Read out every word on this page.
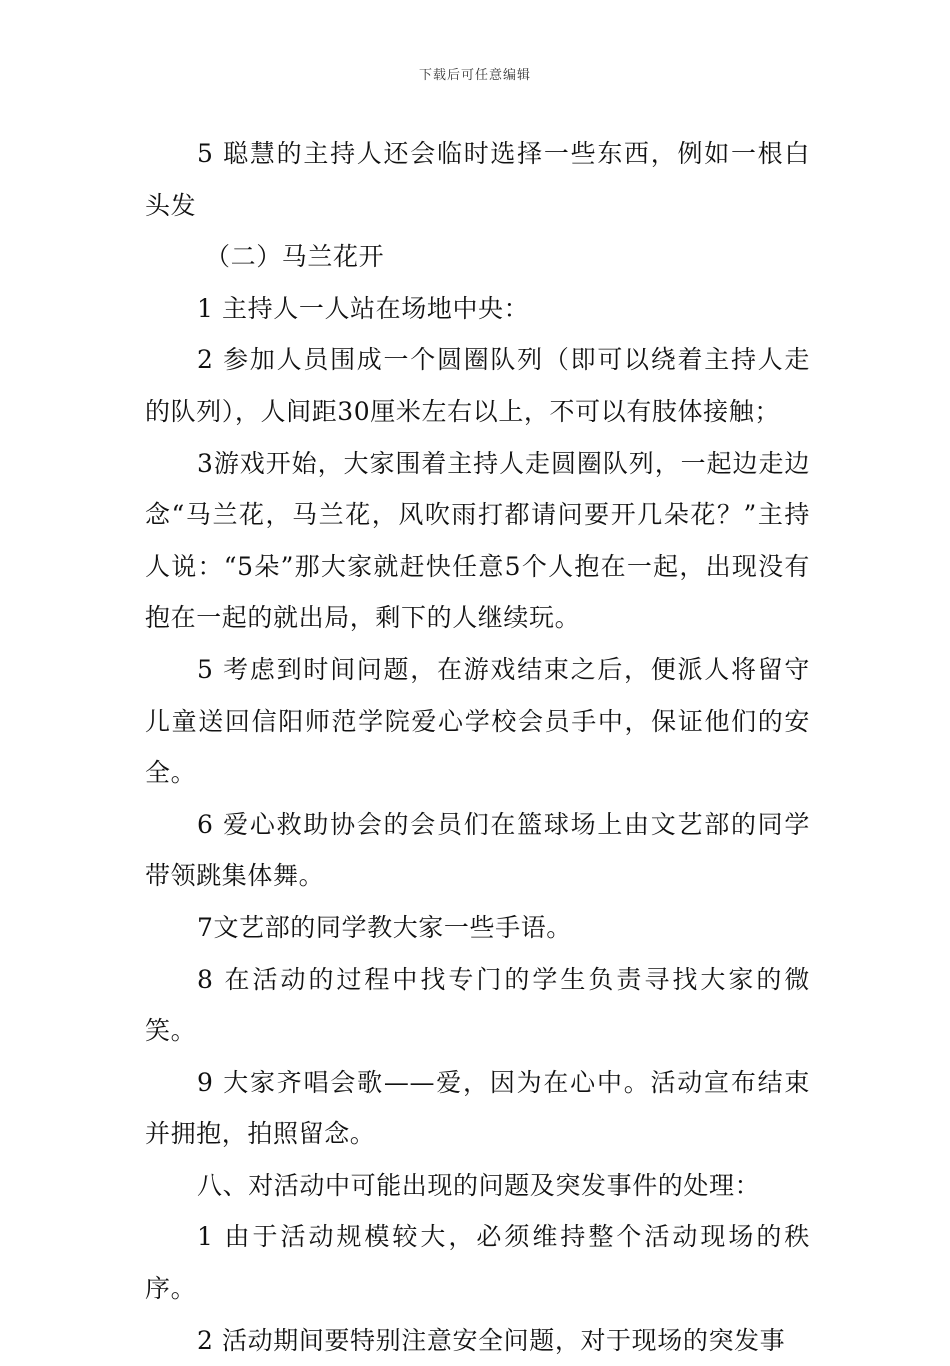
下载后可任意编辑

5 聪慧的主持人还会临时选择一些东西，例如一根白头发

（二）马兰花开

1 主持人一人站在场地中央：

2 参加人员围成一个圆圈队列（即可以绕着主持人走的队列），人间距30厘米左右以上，不可以有肢体接触；

3游戏开始，大家围着主持人走圆圈队列，一起边走边念“马兰花，马兰花，风吹雨打都请问要开几朵花？”主持人说：“5朵”那大家就赶快任意5个人抱在一起，出现没有抱在一起的就出局，剩下的人继续玩。

5 考虑到时间问题，在游戏结束之后，便派人将留守儿童送回信阳师范学院爱心学校会员手中，保证他们的安全。

6 爱心救助协会的会员们在篮球场上由文艺部的同学带领跳集体舞。

7文艺部的同学教大家一些手语。

8 在活动的过程中找专门的学生负责寻找大家的微笑。

9 大家齐唱会歌——爱，因为在心中。活动宣布结束并拥抱，拍照留念。

八、对活动中可能出现的问题及突发事件的处理：

1 由于活动规模较大，必须维持整个活动现场的秩序。

2 活动期间要特别注意安全问题，对于现场的突发事
